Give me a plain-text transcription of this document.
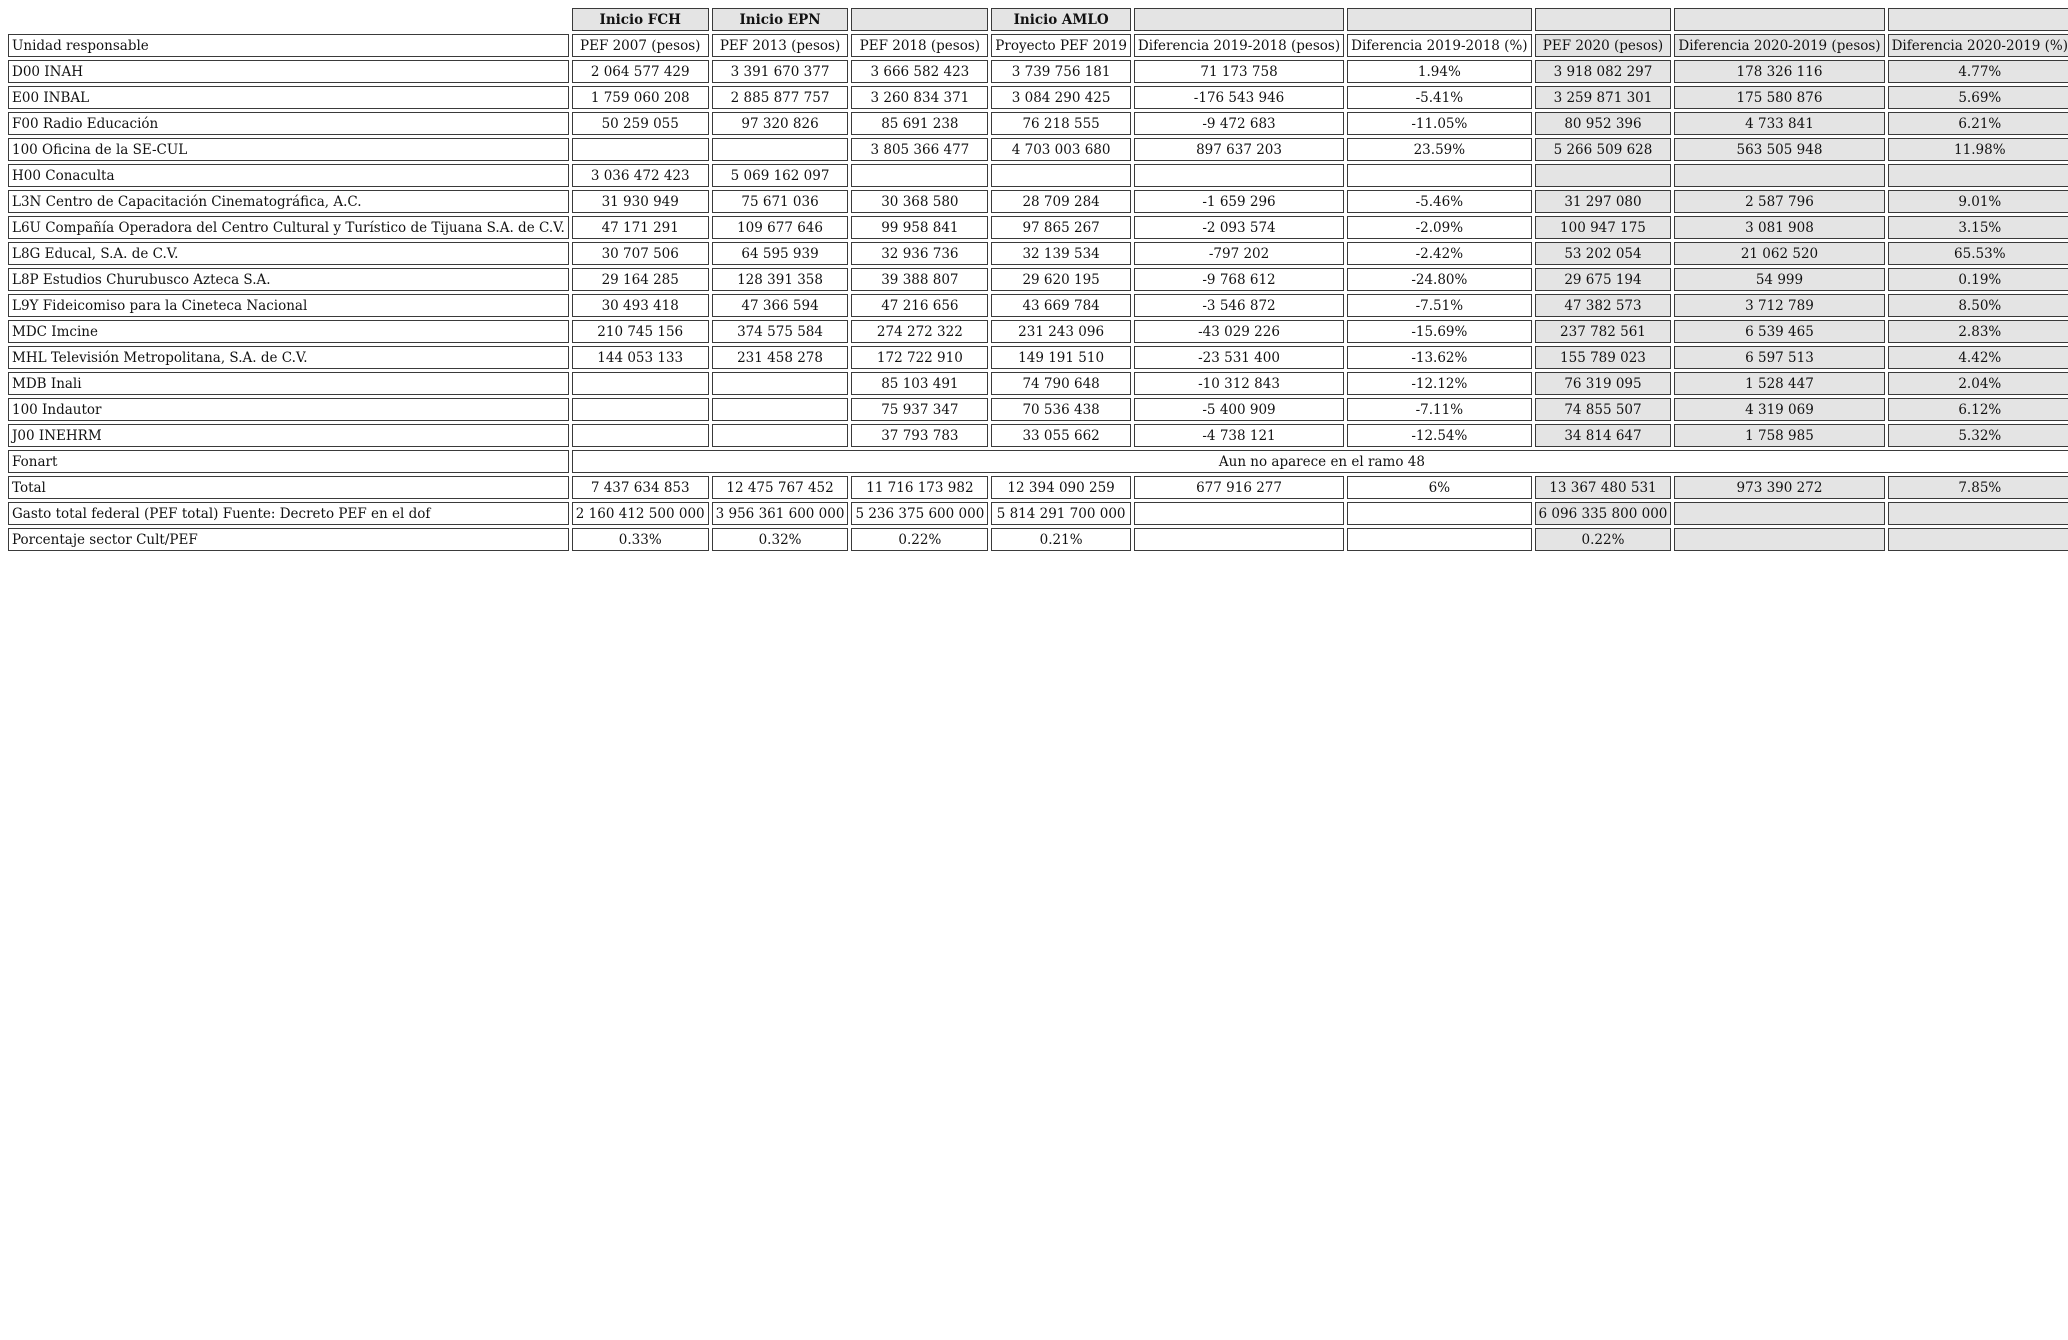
	Inicio FCH	Inicio EPN		Inicio AMLO					
Unidad responsable	PEF 2007 (pesos)	PEF 2013 (pesos)	PEF 2018 (pesos)	Proyecto PEF 2019	Diferencia 2019-2018 (pesos)	Diferencia 2019-2018 (%)	PEF 2020 (pesos)	Diferencia 2020-2019 (pesos)	Diferencia 2020-2019 (%)
D00 INAH	2 064 577 429	3 391 670 377	3 666 582 423	3 739 756 181	71 173 758	1.94%	3 918 082 297	178 326 116	4.77%
E00 INBAL	1 759 060 208	2 885 877 757	3 260 834 371	3 084 290 425	-176 543 946	-5.41%	3 259 871 301	175 580 876	5.69%
F00 Radio Educación	50 259 055	97 320 826	85 691 238	76 218 555	-9 472 683	-11.05%	80 952 396	4 733 841	6.21%
100 Oficina de la SE-CUL			3 805 366 477	4 703 003 680	897 637 203	23.59%	5 266 509 628	563 505 948	11.98%
H00 Conaculta	3 036 472 423	5 069 162 097							
L3N Centro de Capacitación Cinematográfica, A.C.	31 930 949	75 671 036	30 368 580	28 709 284	-1 659 296	-5.46%	31 297 080	2 587 796	9.01%
L6U Compañía Operadora del Centro Cultural y Turístico de Tijuana S.A. de C.V.	47 171 291	109 677 646	99 958 841	97 865 267	-2 093 574	-2.09%	100 947 175	3 081 908	3.15%
L8G Educal, S.A. de C.V.	30 707 506	64 595 939	32 936 736	32 139 534	-797 202	-2.42%	53 202 054	21 062 520	65.53%
L8P Estudios Churubusco Azteca S.A.	29 164 285	128 391 358	39 388 807	29 620 195	-9 768 612	-24.80%	29 675 194	54 999	0.19%
L9Y Fideicomiso para la Cineteca Nacional	30 493 418	47 366 594	47 216 656	43 669 784	-3 546 872	-7.51%	47 382 573	3 712 789	8.50%
MDC Imcine	210 745 156	374 575 584	274 272 322	231 243 096	-43 029 226	-15.69%	237 782 561	6 539 465	2.83%
MHL Televisión Metropolitana, S.A. de C.V.	144 053 133	231 458 278	172 722 910	149 191 510	-23 531 400	-13.62%	155 789 023	6 597 513	4.42%
MDB Inali			85 103 491	74 790 648	-10 312 843	-12.12%	76 319 095	1 528 447	2.04%
100 Indautor			75 937 347	70 536 438	-5 400 909	-7.11%	74 855 507	4 319 069	6.12%
J00 INEHRM			37 793 783	33 055 662	-4 738 121	-12.54%	34 814 647	1 758 985	5.32%
Fonart	Aun no aparece en el ramo 48								
Total	7 437 634 853	12 475 767 452	11 716 173 982	12 394 090 259	677 916 277	6%	13 367 480 531	973 390 272	7.85%
Gasto total federal (PEF total) Fuente: Decreto PEF en el dof	2 160 412 500 000	3 956 361 600 000	5 236 375 600 000	5 814 291 700 000			6 096 335 800 000		
Porcentaje sector Cult/PEF	0.33%	0.32%	0.22%	0.21%			0.22%		
